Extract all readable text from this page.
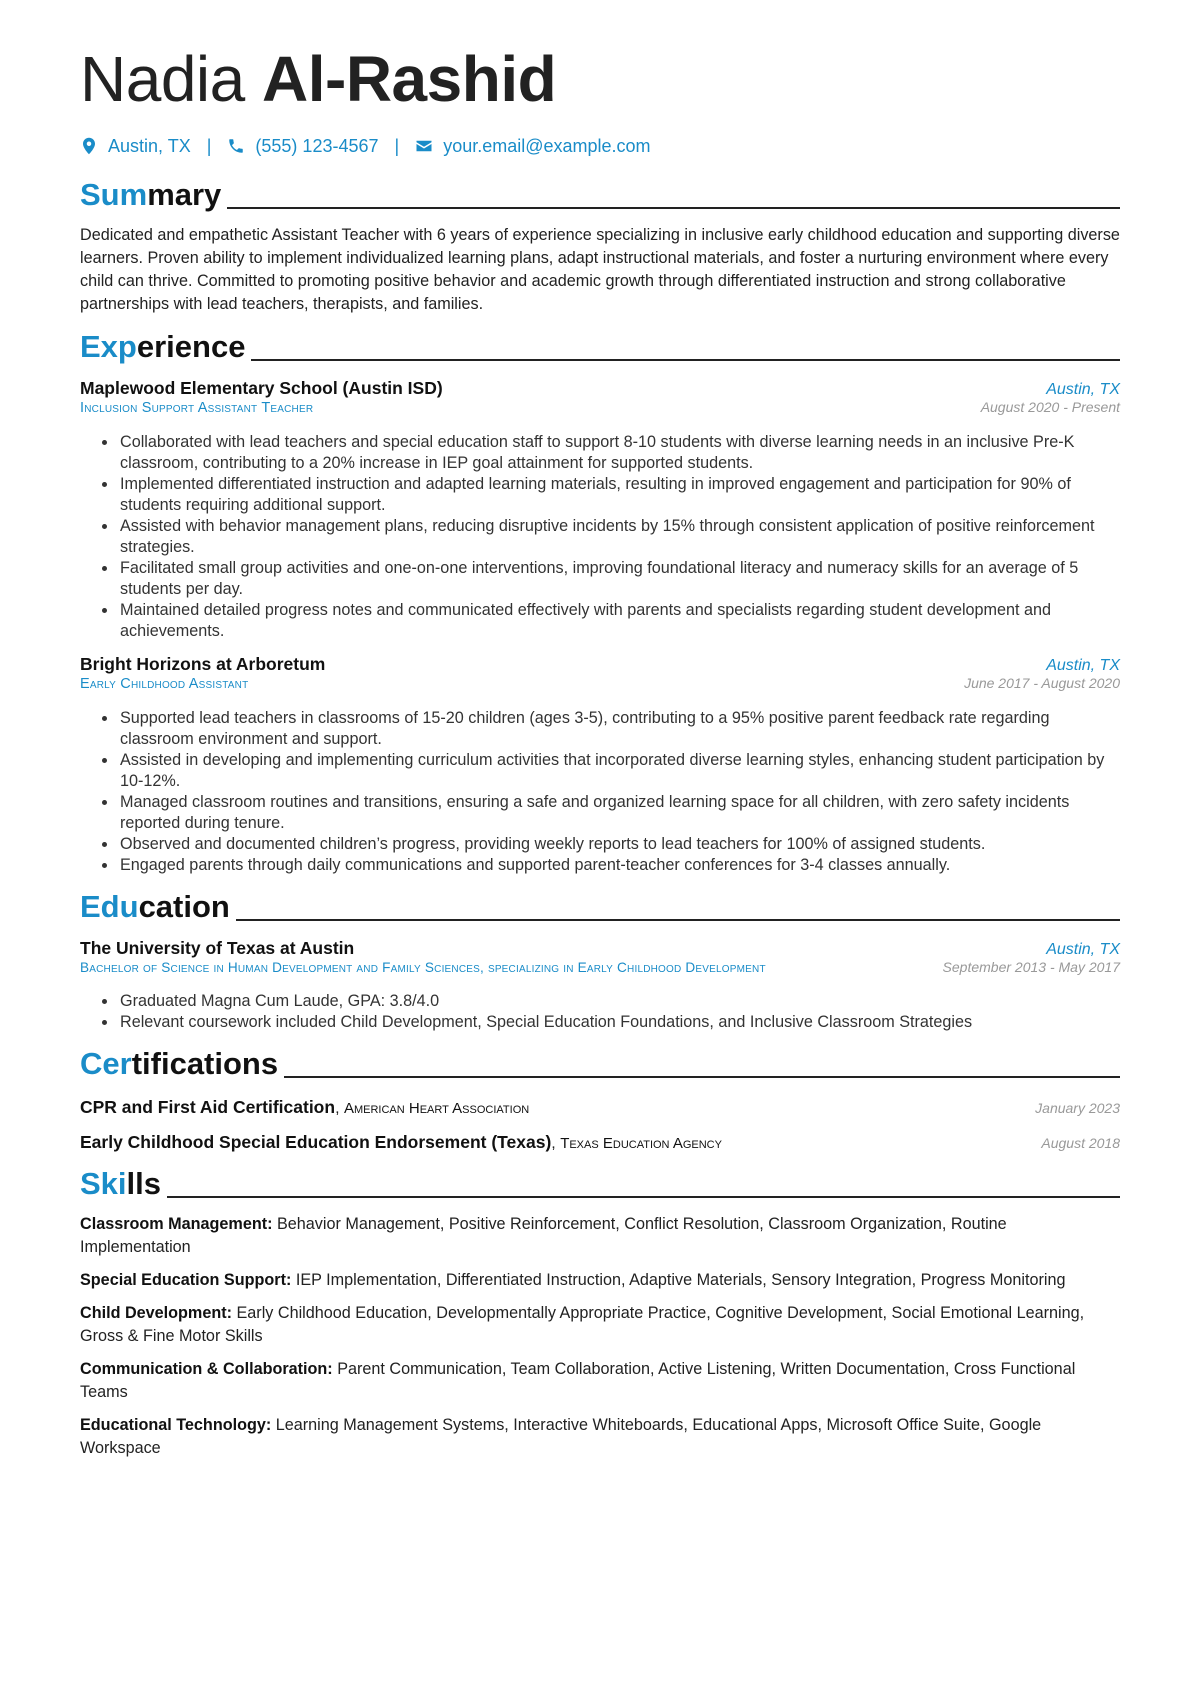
Nadia Al-Rashid
Austin, TX | (555) 123-4567 | your.email@example.com
Summary
Dedicated and empathetic Assistant Teacher with 6 years of experience specializing in inclusive early childhood education and supporting diverse learners. Proven ability to implement individualized learning plans, adapt instructional materials, and foster a nurturing environment where every child can thrive. Committed to promoting positive behavior and academic growth through differentiated instruction and strong collaborative partnerships with lead teachers, therapists, and families.
Experience
Maplewood Elementary School (Austin ISD)	Austin, TX
Inclusion Support Assistant Teacher	August 2020 - Present
• Collaborated with lead teachers and special education staff to support 8-10 students with diverse learning needs in an inclusive Pre-K classroom, contributing to a 20% increase in IEP goal attainment for supported students.
• Implemented differentiated instruction and adapted learning materials, resulting in improved engagement and participation for 90% of students requiring additional support.
• Assisted with behavior management plans, reducing disruptive incidents by 15% through consistent application of positive reinforcement strategies.
• Facilitated small group activities and one-on-one interventions, improving foundational literacy and numeracy skills for an average of 5 students per day.
• Maintained detailed progress notes and communicated effectively with parents and specialists regarding student development and achievements.
Bright Horizons at Arboretum	Austin, TX
Early Childhood Assistant	June 2017 - August 2020
• Supported lead teachers in classrooms of 15-20 children (ages 3-5), contributing to a 95% positive parent feedback rate regarding classroom environment and support.
• Assisted in developing and implementing curriculum activities that incorporated diverse learning styles, enhancing student participation by 10-12%.
• Managed classroom routines and transitions, ensuring a safe and organized learning space for all children, with zero safety incidents reported during tenure.
• Observed and documented children’s progress, providing weekly reports to lead teachers for 100% of assigned students.
• Engaged parents through daily communications and supported parent-teacher conferences for 3-4 classes annually.
Education
The University of Texas at Austin	Austin, TX
Bachelor of Science in Human Development and Family Sciences, specializing in Early Childhood Development	September 2013 - May 2017
• Graduated Magna Cum Laude, GPA: 3.8/4.0
• Relevant coursework included Child Development, Special Education Foundations, and Inclusive Classroom Strategies
Certifications
CPR and First Aid Certification, American Heart Association	January 2023
Early Childhood Special Education Endorsement (Texas), Texas Education Agency	August 2018
Skills
Classroom Management: Behavior Management, Positive Reinforcement, Conflict Resolution, Classroom Organization, Routine Implementation
Special Education Support: IEP Implementation, Differentiated Instruction, Adaptive Materials, Sensory Integration, Progress Monitoring
Child Development: Early Childhood Education, Developmentally Appropriate Practice, Cognitive Development, Social Emotional Learning, Gross & Fine Motor Skills
Communication & Collaboration: Parent Communication, Team Collaboration, Active Listening, Written Documentation, Cross Functional Teams
Educational Technology: Learning Management Systems, Interactive Whiteboards, Educational Apps, Microsoft Office Suite, Google Workspace
